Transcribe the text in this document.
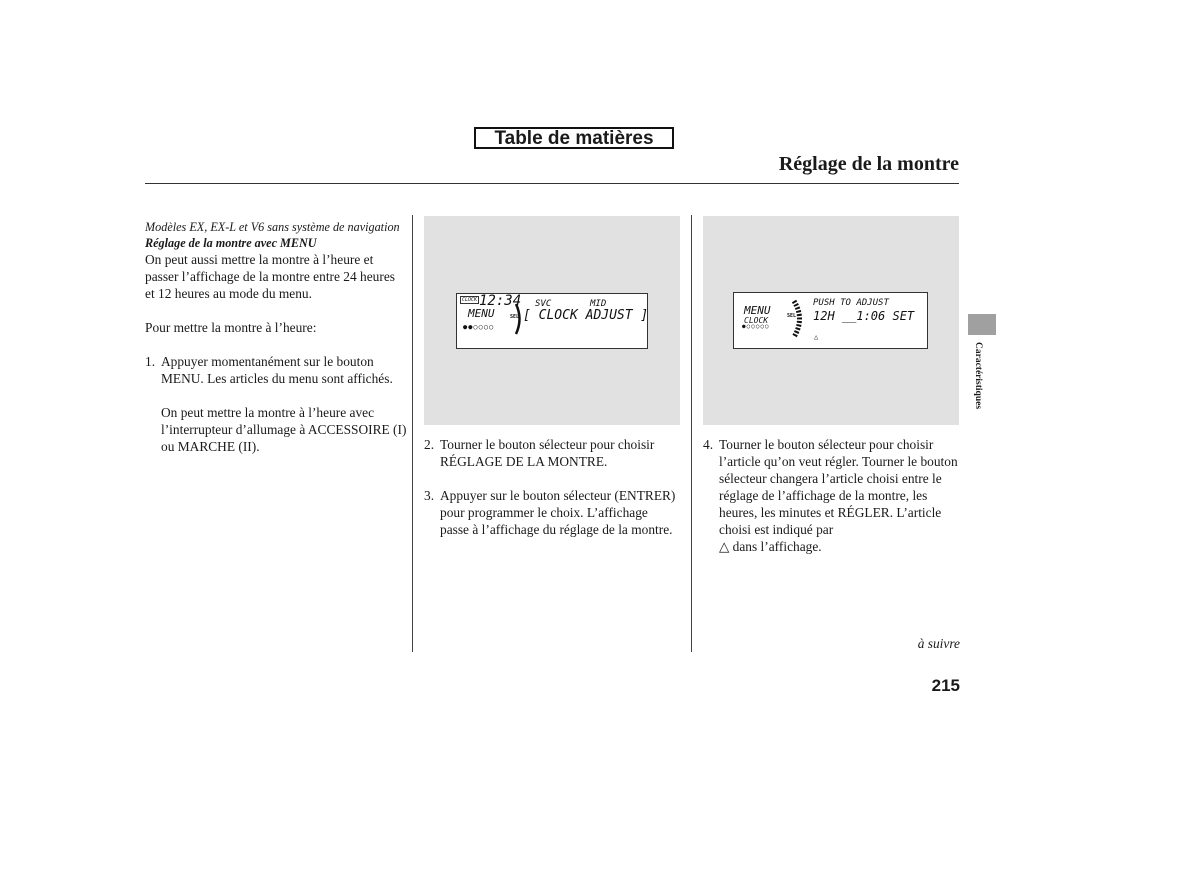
Table de matières
Réglage de la montre

Modèles EX, EX-L et V6 sans système de navigation

Réglage de la montre avec MENU

On peut aussi mettre la montre à l’heure et passer l’affichage de la montre entre 24 heures et 12 heures au mode du menu.

Pour mettre la montre à l’heure:

1. Appuyer momentanément sur le bouton MENU. Les articles du menu sont affichés.

On peut mettre la montre à l’heure avec l’interrupteur d’allumage à ACCESSOIRE (I) ou MARCHE (II).

CLOCK 12:34 SVC	MID
MENU	SEL [ CLOCK ADJUST ]
●●○○○○
MENU
CLOCK	SEL
PUSH TO ADJUST
12H __1:06 SET
●○○○○○
△
2. Tourner le bouton sélecteur pour choisir RÉGLAGE DE LA MONTRE.
3. Appuyer sur le bouton sélecteur (ENTRER) pour programmer le choix. L’affichage passe à l’affichage du réglage de la montre.
4. Tourner le bouton sélecteur pour choisir l’article qu’on veut régler. Tourner le bouton sélecteur changera l’article choisi entre le réglage de l’affichage de la montre, les heures, les minutes et RÉGLER. L’article choisi est indiqué par
△ dans l’affichage.
à suivre
215
Caractéristiques
